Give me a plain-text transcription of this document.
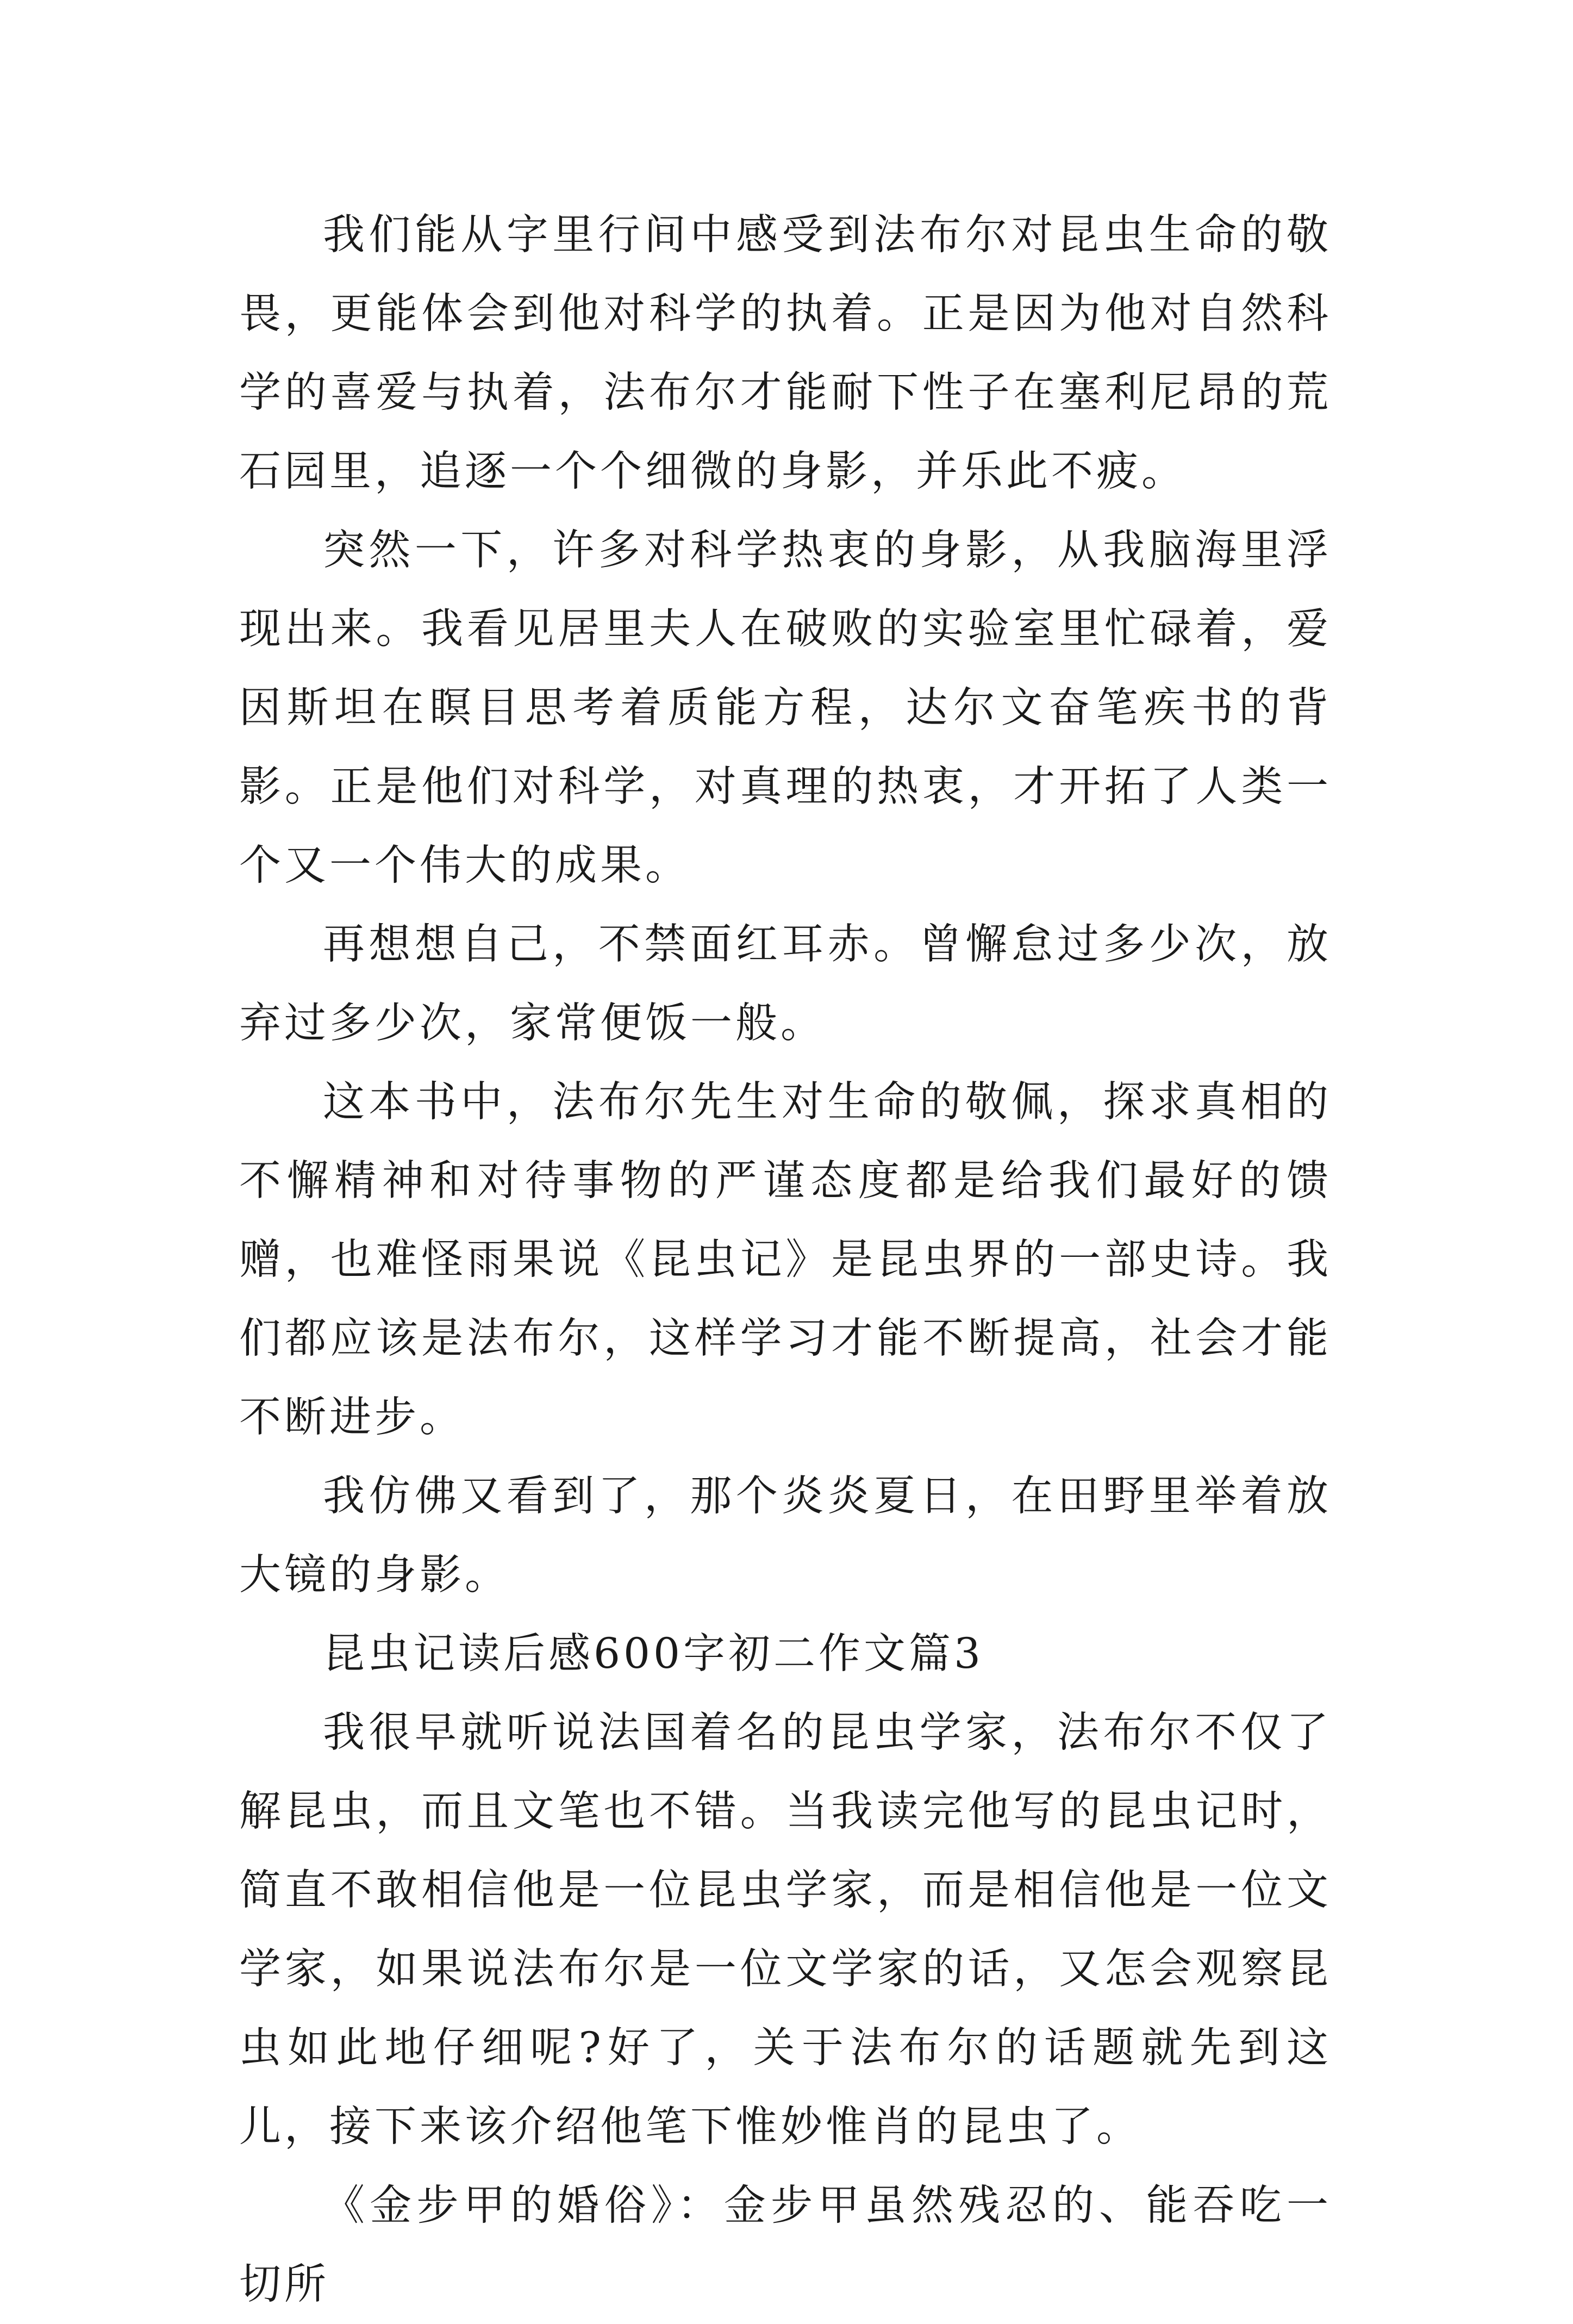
我们能从字里行间中感受到法布尔对昆虫生命的敬畏，更能体会到他对科学的执着。正是因为他对自然科学的喜爱与执着，法布尔才能耐下性子在塞利尼昂的荒石园里，追逐一个个细微的身影，并乐此不疲。

突然一下，许多对科学热衷的身影，从我脑海里浮现出来。我看见居里夫人在破败的实验室里忙碌着，爱因斯坦在瞑目思考着质能方程，达尔文奋笔疾书的背影。正是他们对科学，对真理的热衷，才开拓了人类一个又一个伟大的成果。

再想想自己，不禁面红耳赤。曾懈怠过多少次，放弃过多少次，家常便饭一般。

这本书中，法布尔先生对生命的敬佩，探求真相的不懈精神和对待事物的严谨态度都是给我们最好的馈赠，也难怪雨果说《昆虫记》是昆虫界的一部史诗。我们都应该是法布尔，这样学习才能不断提高，社会才能不断进步。

我仿佛又看到了，那个炎炎夏日，在田野里举着放大镜的身影。

昆虫记读后感600字初二作文篇3

我很早就听说法国着名的昆虫学家，法布尔不仅了解昆虫，而且文笔也不错。当我读完他写的昆虫记时，简直不敢相信他是一位昆虫学家，而是相信他是一位文学家，如果说法布尔是一位文学家的话，又怎会观察昆虫如此地仔细呢?好了，关于法布尔的话题就先到这儿，接下来该介绍他笔下惟妙惟肖的昆虫了。

《金步甲的婚俗》：金步甲虽然残忍的、能吞吃一切所
